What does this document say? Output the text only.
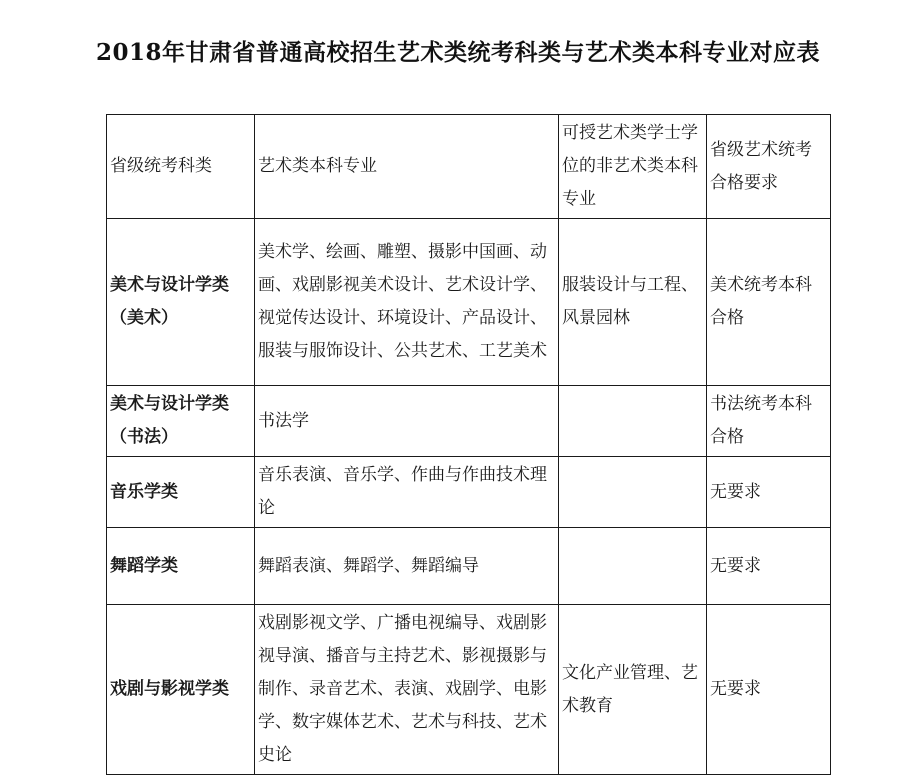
2018年甘肃省普通高校招生艺术类统考科类与艺术类本科专业对应表
省级统考科类	艺术类本科专业	可授艺术类学士学位的非艺术类本科专业	省级艺术统考合格要求
美术与设计学类（美术）	美术学、绘画、雕塑、摄影中国画、动画、戏剧影视美术设计、艺术设计学、视觉传达设计、环境设计、产品设计、服装与服饰设计、公共艺术、工艺美术	服装设计与工程、风景园林	美术统考本科合格
美术与设计学类（书法）	书法学		书法统考本科合格
音乐学类	音乐表演、音乐学、作曲与作曲技术理论		无要求
舞蹈学类	舞蹈表演、舞蹈学、舞蹈编导		无要求
戏剧与影视学类	戏剧影视文学、广播电视编导、戏剧影视导演、播音与主持艺术、影视摄影与制作、录音艺术、表演、戏剧学、电影学、数字媒体艺术、艺术与科技、艺术史论	文化产业管理、艺术教育	无要求
